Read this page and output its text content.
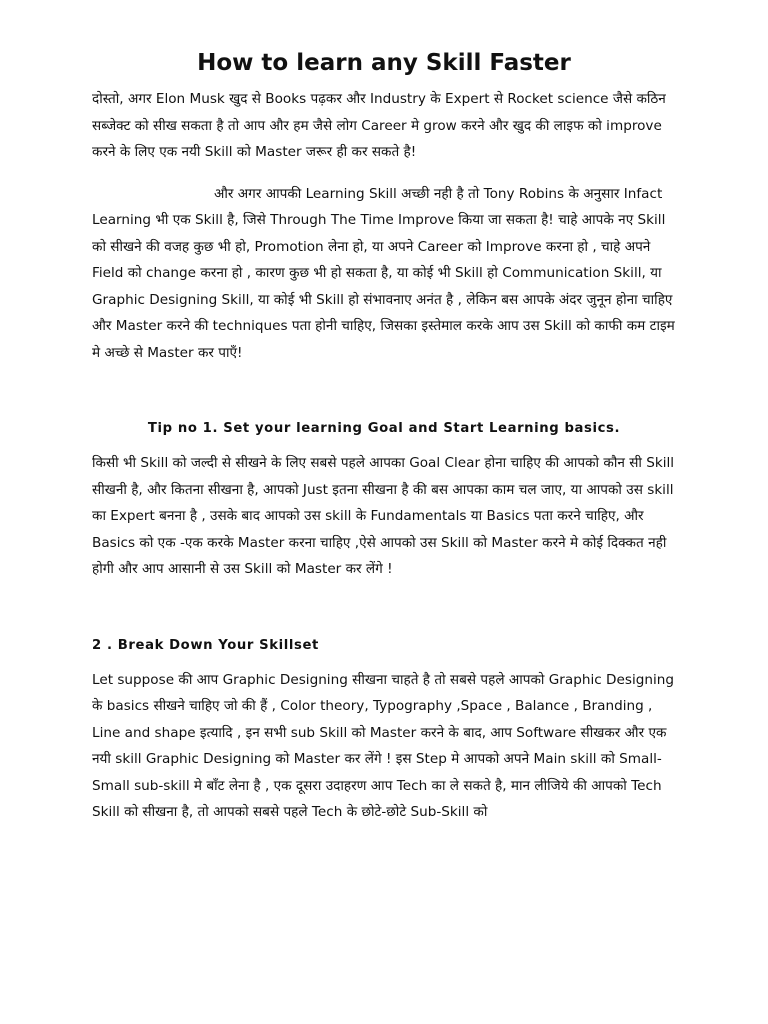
How to learn any Skill Faster

दोस्तो, अगर Elon Musk खुद से Books पढ़कर और Industry के Expert से Rocket science जैसे कठिन सब्जेक्ट को सीख सकता है तो आप और हम जैसे लोग Career मे grow करने और खुद की लाइफ को improve करने के लिए एक नयी Skill को Master जरूर ही कर सकते है!

और अगर आपकी Learning Skill अच्छी नही है तो Tony Robins के अनुसार Infact Learning भी एक Skill है, जिसे Through The Time Improve किया जा सकता है! चाहे आपके नए Skill को सीखने की वजह कुछ भी हो, Promotion लेना हो, या अपने Career को Improve करना हो , चाहे अपने Field को change करना हो , कारण कुछ भी हो सकता है, या कोई भी Skill हो Communication Skill, या Graphic Designing Skill, या कोई भी Skill हो संभावनाए अनंत है , लेकिन बस आपके अंदर जुनून होना चाहिए और Master करने की techniques पता होनी चाहिए, जिसका इस्तेमाल करके आप उस Skill को काफी कम टाइम मे अच्छे से Master कर पाएँ!

Tip no 1. Set your learning Goal and Start Learning basics.

किसी भी Skill को जल्दी से सीखने के लिए सबसे पहले आपका Goal Clear होना चाहिए की आपको कौन सी Skill सीखनी है, और कितना सीखना है, आपको Just इतना सीखना है की बस आपका काम चल जाए, या आपको उस skill का Expert बनना है , उसके बाद आपको उस skill के Fundamentals या Basics पता करने चाहिए, और Basics को एक -एक करके Master करना चाहिए ,ऐसे आपको उस Skill को Master करने मे कोई दिक्कत नही होगी और आप आसानी से उस Skill को Master कर लेंगे !

2 . Break Down Your Skillset

Let suppose की आप Graphic Designing सीखना चाहते है तो सबसे पहले आपको Graphic Designing के basics सीखने चाहिए जो की हैं , Color theory, Typography ,Space , Balance , Branding , Line and shape इत्यादि , इन सभी sub Skill को Master करने के बाद, आप Software सीखकर और एक नयी skill Graphic Designing को Master कर लेंगे ! इस Step मे आपको अपने Main skill को Small-Small sub-skill मे बाँट लेना है , एक दूसरा उदाहरण आप Tech का ले सकते है, मान लीजिये की आपको Tech Skill को सीखना है, तो आपको सबसे पहले Tech के छोटे-छोटे Sub-Skill को
